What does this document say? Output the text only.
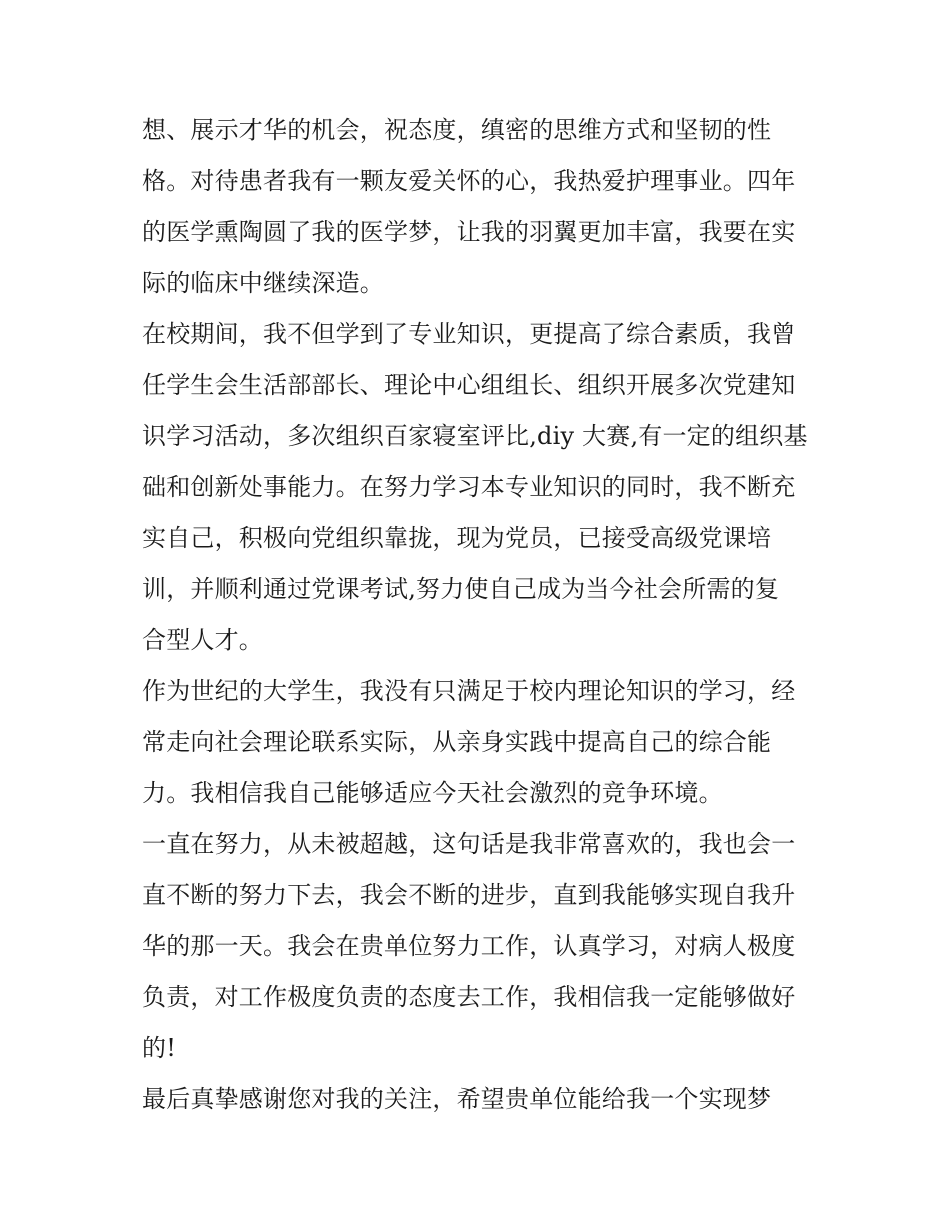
想、展示才华的机会，祝态度，缜密的思维方式和坚韧的性
格。对待患者我有一颗友爱关怀的心，我热爱护理事业。四年
的医学熏陶圆了我的医学梦，让我的羽翼更加丰富，我要在实
际的临床中继续深造。
在校期间，我不但学到了专业知识，更提高了综合素质，我曾
任学生会生活部部长、理论中心组组长、组织开展多次党建知
识学习活动，多次组织百家寝室评比,diy 大赛,有一定的组织基
础和创新处事能力。在努力学习本专业知识的同时，我不断充
实自己，积极向党组织靠拢，现为党员，已接受高级党课培
训，并顺利通过党课考试,努力使自己成为当今社会所需的复
合型人才。
作为世纪的大学生，我没有只满足于校内理论知识的学习，经
常走向社会理论联系实际，从亲身实践中提高自己的综合能
力。我相信我自己能够适应今天社会激烈的竞争环境。
一直在努力，从未被超越，这句话是我非常喜欢的，我也会一
直不断的努力下去，我会不断的进步，直到我能够实现自我升
华的那一天。我会在贵单位努力工作，认真学习，对病人极度
负责，对工作极度负责的态度去工作，我相信我一定能够做好
的!
最后真挚感谢您对我的关注，希望贵单位能给我一个实现梦
